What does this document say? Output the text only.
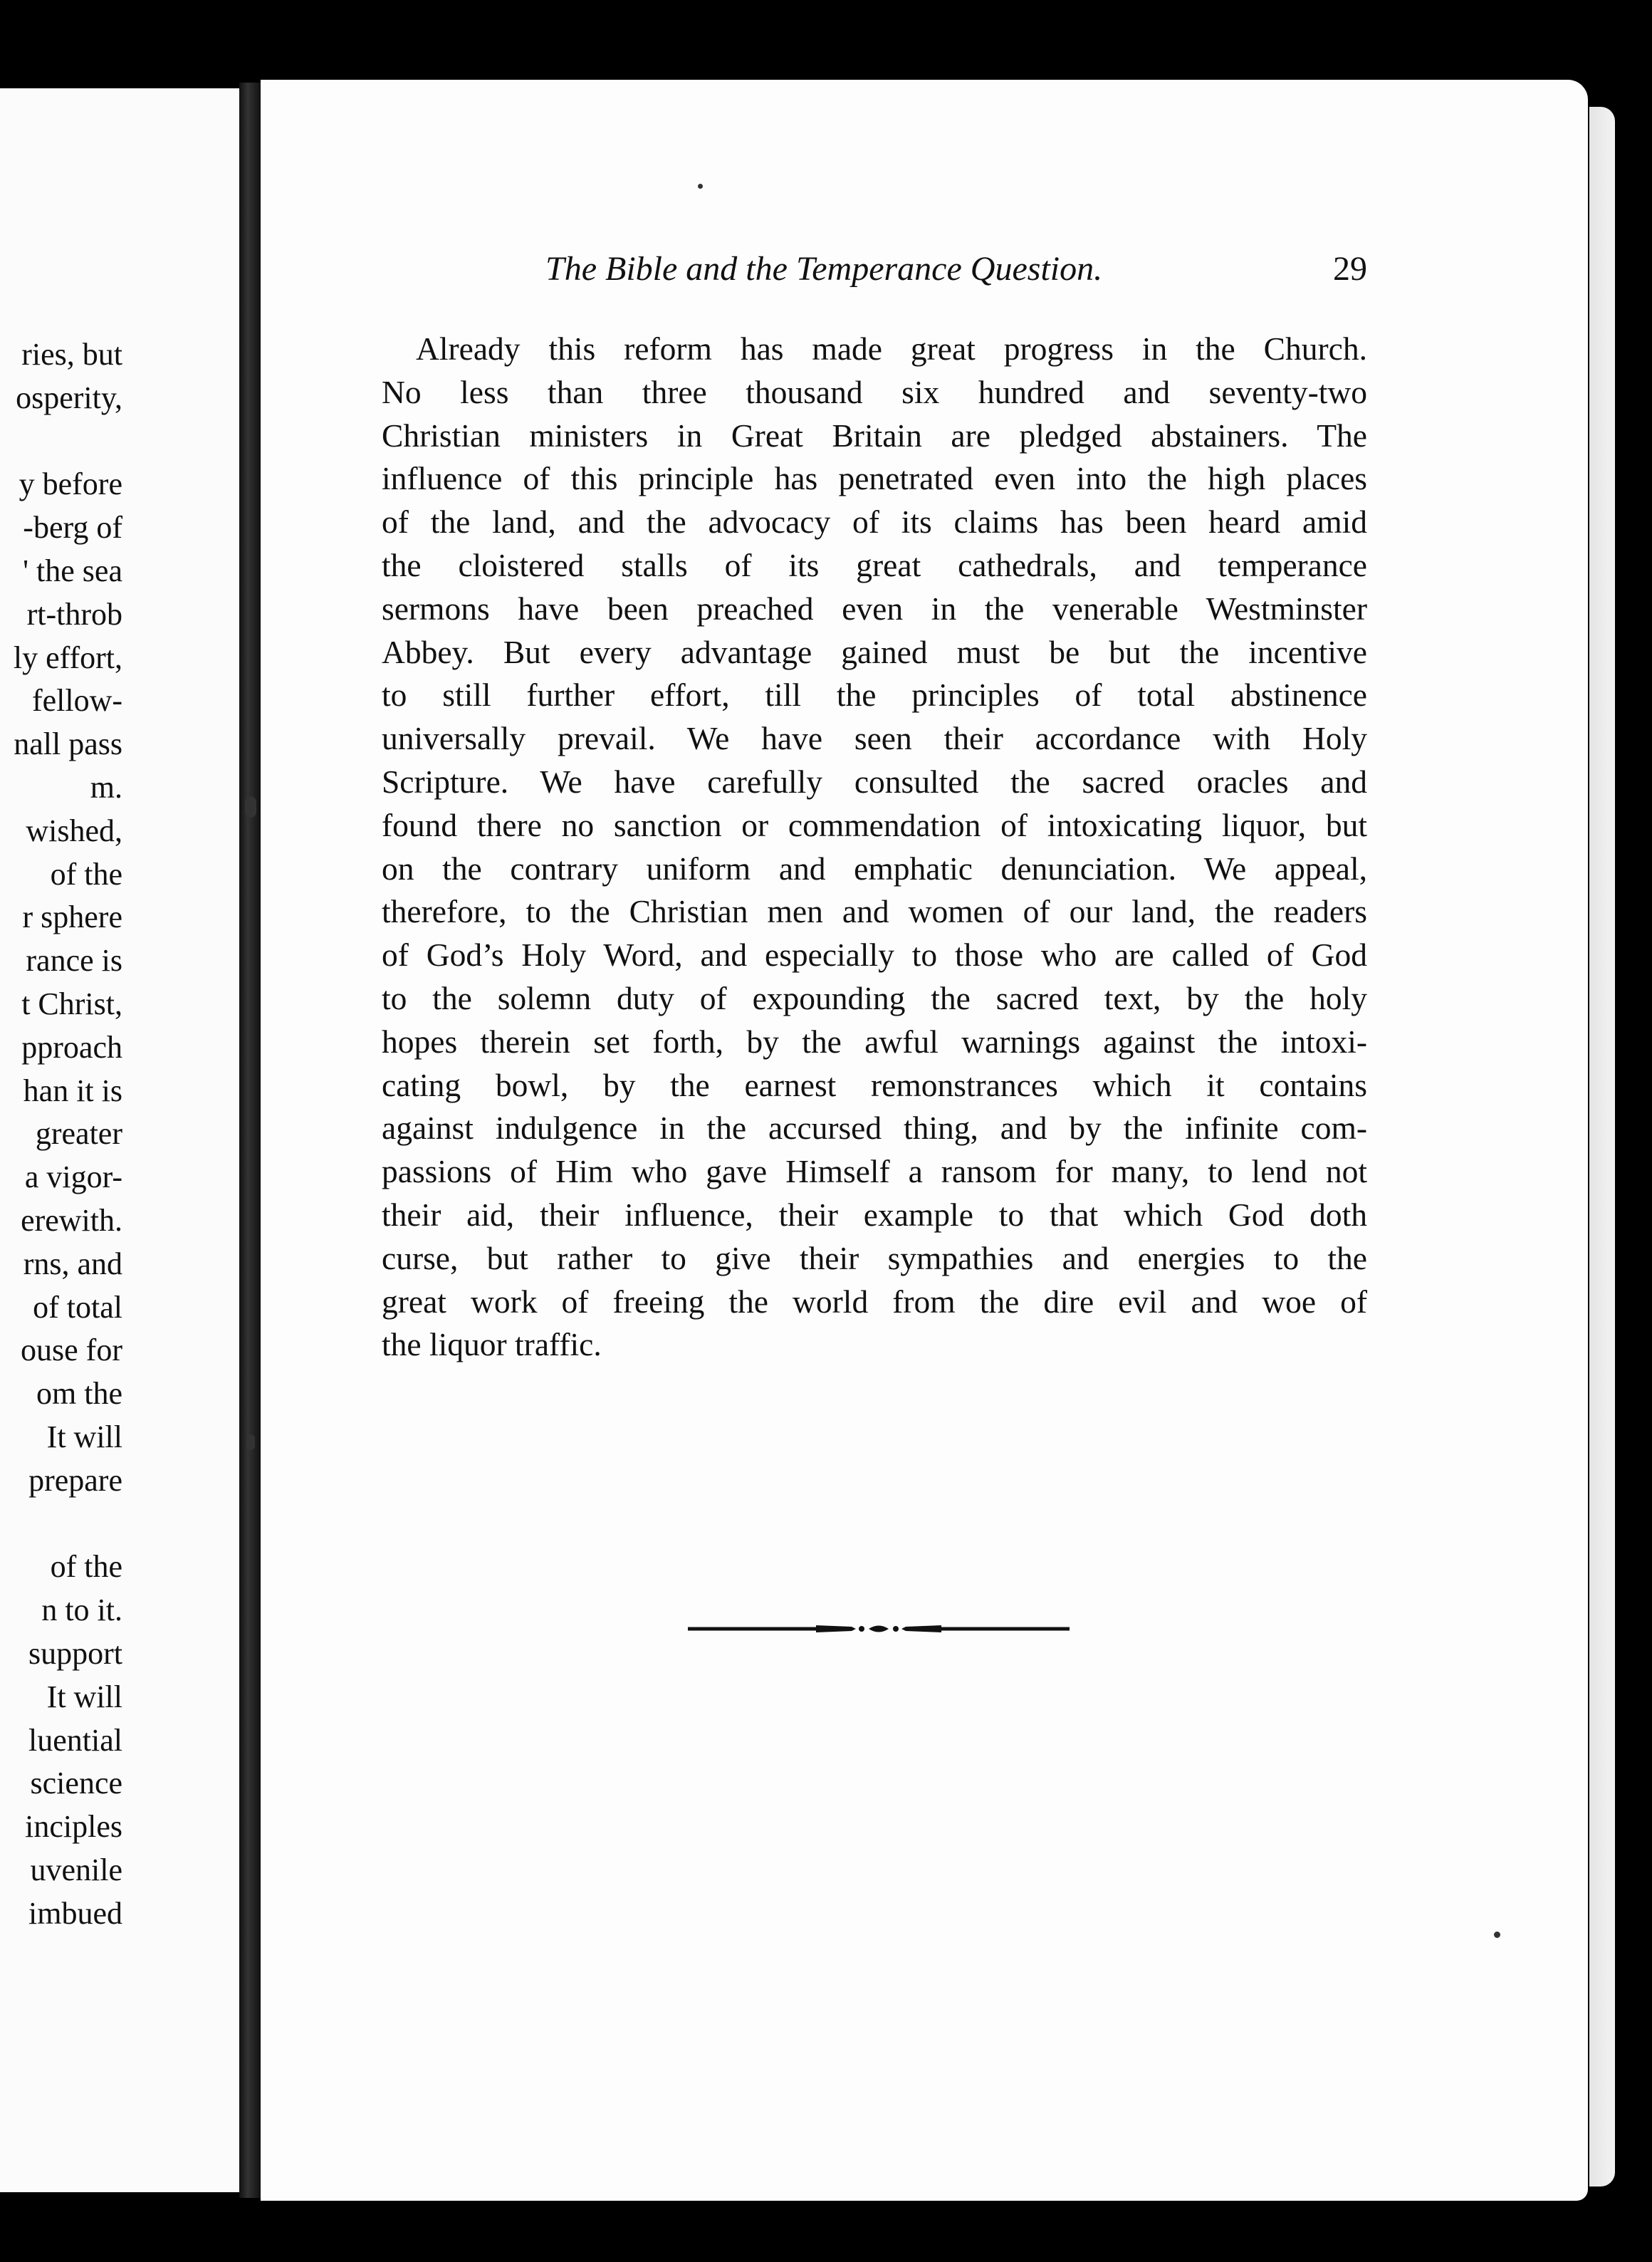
ries, but
osperity,
y before
-berg of
' the sea
rt-throb
ly effort,
fellow-
nall pass
m.
wished,
of the
r sphere
rance is
t Christ,
pproach
han it is
greater
a vigor-
erewith.
rns, and
of total
ouse for
om the
It will
prepare
of the
n to it.
support
It will
luential
science
inciples
uvenile
imbued
The Bible and the Temperance Question.	29
Already this reform has made great progress in the Church.
No less than three thousand six hundred and seventy-two
Christian ministers in Great Britain are pledged abstainers. The
influence of this principle has penetrated even into the high places
of the land, and the advocacy of its claims has been heard amid
the cloistered stalls of its great cathedrals, and temperance
sermons have been preached even in the venerable Westminster
Abbey. But every advantage gained must be but the incentive
to still further effort, till the principles of total abstinence
universally prevail. We have seen their accordance with Holy
Scripture. We have carefully consulted the sacred oracles and
found there no sanction or commendation of intoxicating liquor, but
on the contrary uniform and emphatic denunciation. We appeal,
therefore, to the Christian men and women of our land, the readers
of God’s Holy Word, and especially to those who are called of God
to the solemn duty of expounding the sacred text, by the holy
hopes therein set forth, by the awful warnings against the intoxi-
cating bowl, by the earnest remonstrances which it contains
against indulgence in the accursed thing, and by the infinite com-
passions of Him who gave Himself a ransom for many, to lend not
their aid, their influence, their example to that which God doth
curse, but rather to give their sympathies and energies to the
great work of freeing the world from the dire evil and woe of
the liquor traffic.
